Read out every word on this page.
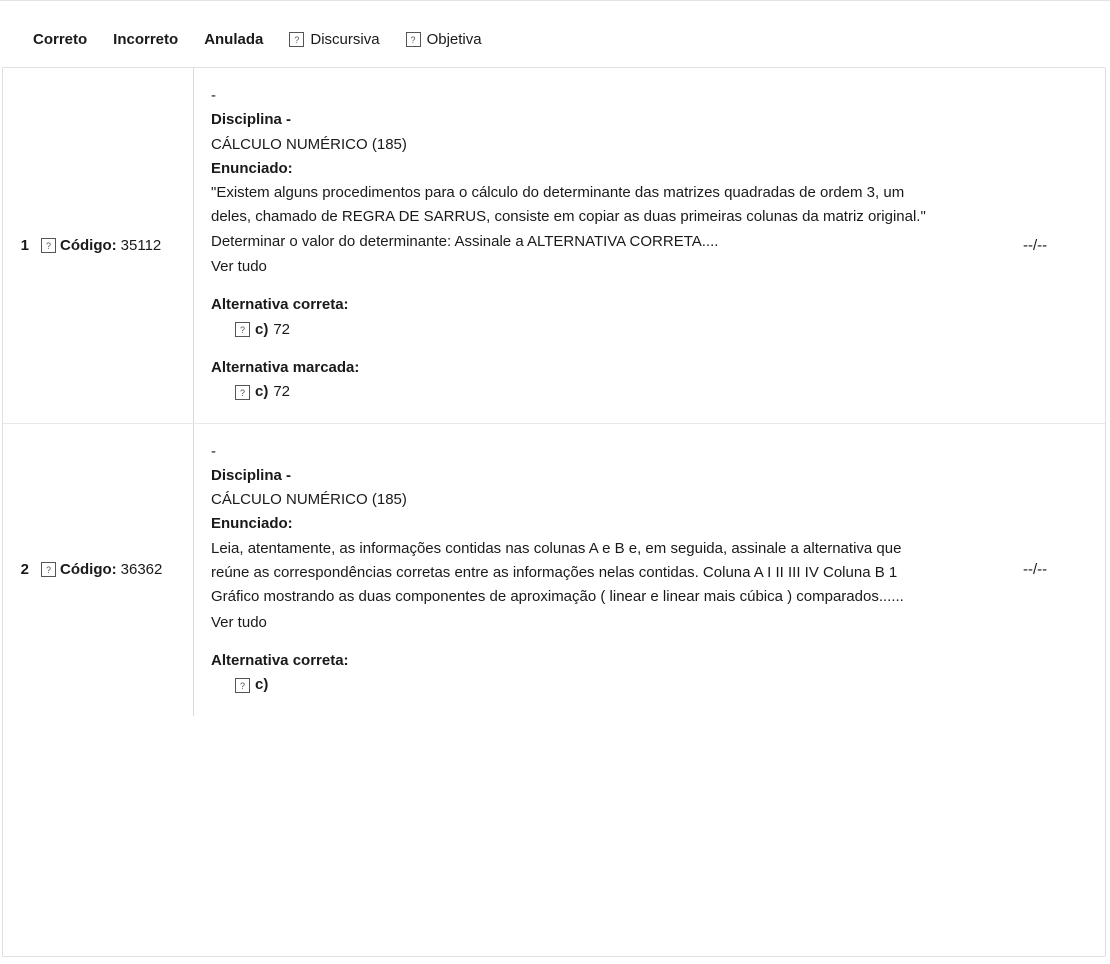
Correto Incorreto Anulada	? Discursiva	? Objetiva
1	? Código: 35112
-
Disciplina -
CÁLCULO NUMÉRICO (185)
Enunciado:
"Existem alguns procedimentos para o cálculo do determinante das matrizes quadradas de ordem 3, um deles, chamado de REGRA DE SARRUS, consiste em copiar as duas primeiras colunas da matriz original." Determinar o valor do determinante: Assinale a ALTERNATIVA CORRETA....
Ver tudo
Alternativa correta:
? c) 72
Alternativa marcada:
? c) 72
--/--
2	? Código: 36362
-
Disciplina -
CÁLCULO NUMÉRICO (185)
Enunciado:
Leia, atentamente, as informações contidas nas colunas A e B e, em seguida, assinale a alternativa que reúne as correspondências corretas entre as informações nelas contidas. Coluna A I II III IV Coluna B 1 Gráfico mostrando as duas componentes de aproximação ( linear e linear mais cúbica ) comparados......
Ver tudo
Alternativa correta:
? c)
--/--
